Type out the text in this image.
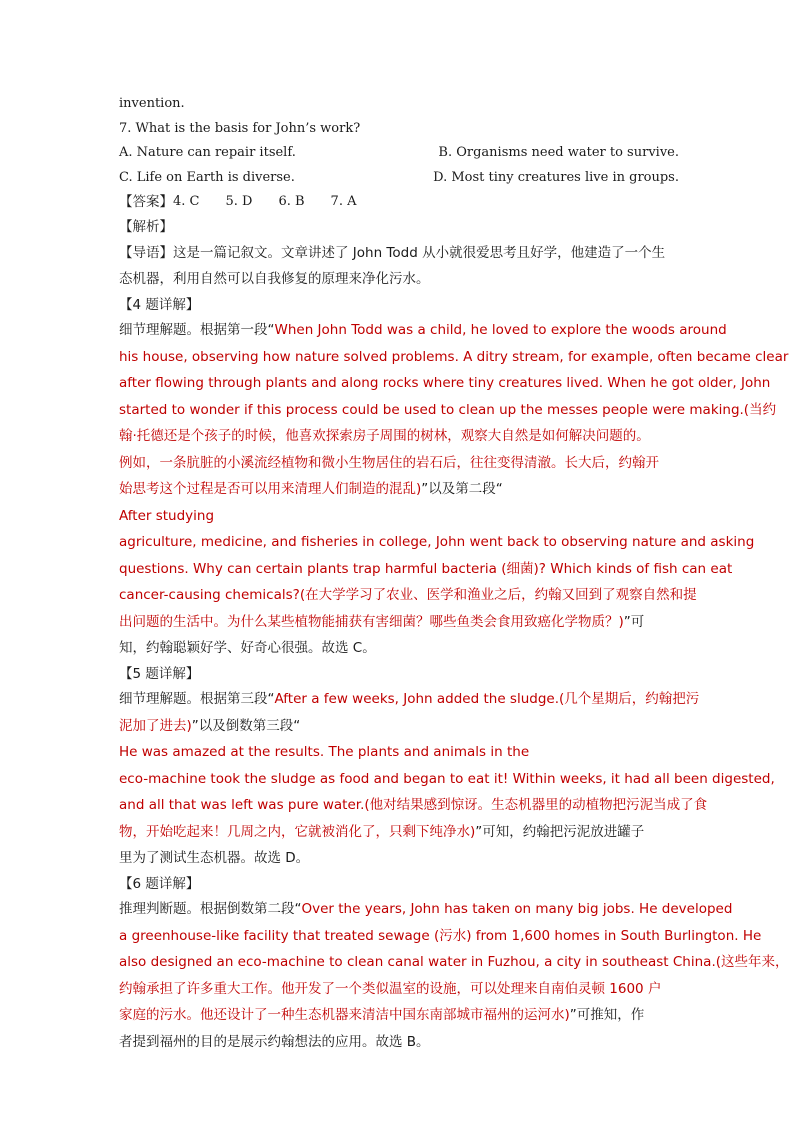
invention.
7. What is the basis for John’s work?
A. Nature can repair itself.	B. Organisms need water to survive.
C. Life on Earth is diverse.	D. Most tiny creatures live in groups.
【答案】 4. C 5. D 6. B 7. A
【解析】
【导语】这是一篇记叙文。文章讲述了 John Todd 从小就很爱思考且好学，他建造了一个生
态机器，利用自然可以自我修复的原理来净化污水。
【4 题详解】
细节理解题。根据第一段“When John Todd was a child, he loved to explore the woods around
his house, observing how nature solved problems. A ditry stream, for example, often became clear
after flowing through plants and along rocks where tiny creatures lived. When he got older, John
started to wonder if this process could be used to clean up the messes people were making.(当约
翰·托德还是个孩子的时候，他喜欢探索房子周围的树林，观察大自然是如何解决问题的。
例如，一条肮脏的小溪流经植物和微小生物居住的岩石后，往往变得清澈。长大后，约翰开
始思考这个过程是否可以用来清理人们制造的混乱)”以及第二段“
After studying
agriculture, medicine, and fisheries in college, John went back to observing nature and asking
questions. Why can certain plants trap harmful bacteria (细菌)? Which kinds of fish can eat
cancer-causing chemicals?(在大学学习了农业、医学和渔业之后，约翰又回到了观察自然和提
出问题的生活中。为什么某些植物能捕获有害细菌？哪些鱼类会食用致癌化学物质？)”可
知，约翰聪颖好学、好奇心很强。故选 C。
【5 题详解】
细节理解题。根据第三段“After a few weeks, John added the sludge.(几个星期后，约翰把污
泥加了进去)”以及倒数第三段“
He was amazed at the results. The plants and animals in the
eco-machine took the sludge as food and began to eat it! Within weeks, it had all been digested,
and all that was left was pure water.(他对结果感到惊讶。生态机器里的动植物把污泥当成了食
物，开始吃起来！几周之内，它就被消化了，只剩下纯净水)”可知，约翰把污泥放进罐子
里为了测试生态机器。故选 D。
【6 题详解】
推理判断题。根据倒数第二段“Over the years, John has taken on many big jobs. He developed
a greenhouse-like facility that treated sewage (污水) from 1,600 homes in South Burlington. He
also designed an eco-machine to clean canal water in Fuzhou, a city in southeast China.(这些年来，
约翰承担了许多重大工作。他开发了一个类似温室的设施，可以处理来自南伯灵顿 1600 户
家庭的污水。他还设计了一种生态机器来清洁中国东南部城市福州的运河水)”可推知，作
者提到福州的目的是展示约翰想法的应用。故选 B。
